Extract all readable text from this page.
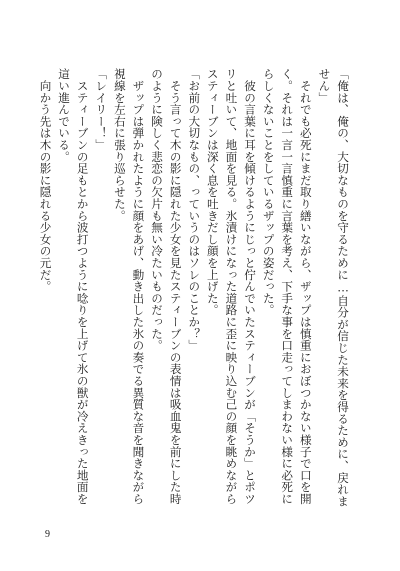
「俺は、俺の、大切なものを守るために…自分が信じた未来を得るために、戻れません」

　それでも必死にまだ取り繕いながら、ザップは慎重におぼつかない様子で口を開く。それは一言一言慎重に言葉を考え、下手な事を口走ってしまわない様に必死にらしくないことをしているザップの姿だった。

　彼の言葉に耳を傾けるようにじっと佇んでいたスティーブンが「そうか」とポツリと吐いて、地面を見る。氷漬けになった道路に歪に映り込む己の顔を眺めながらスティーブンは深く息を吐きだし顔を上げた。

「お前の大切なもの、っていうのはソレのことか？」

　そう言って木の影に隠れた少女を見たスティーブンの表情は吸血鬼を前にした時のように険しく悲恋の欠片も無い冷たいものだった。

　ザップは弾かれたように顔をあげ、動き出した氷の奏でる異質な音を聞きながら視線を左右に張り巡らせた。

「レイリー！」

　スティーブンの足もとから波打つように唸りを上げて氷の獣が冷えきった地面を這い進んでいる。

　向かう先は木の影に隠れる少女の元だ。

9
